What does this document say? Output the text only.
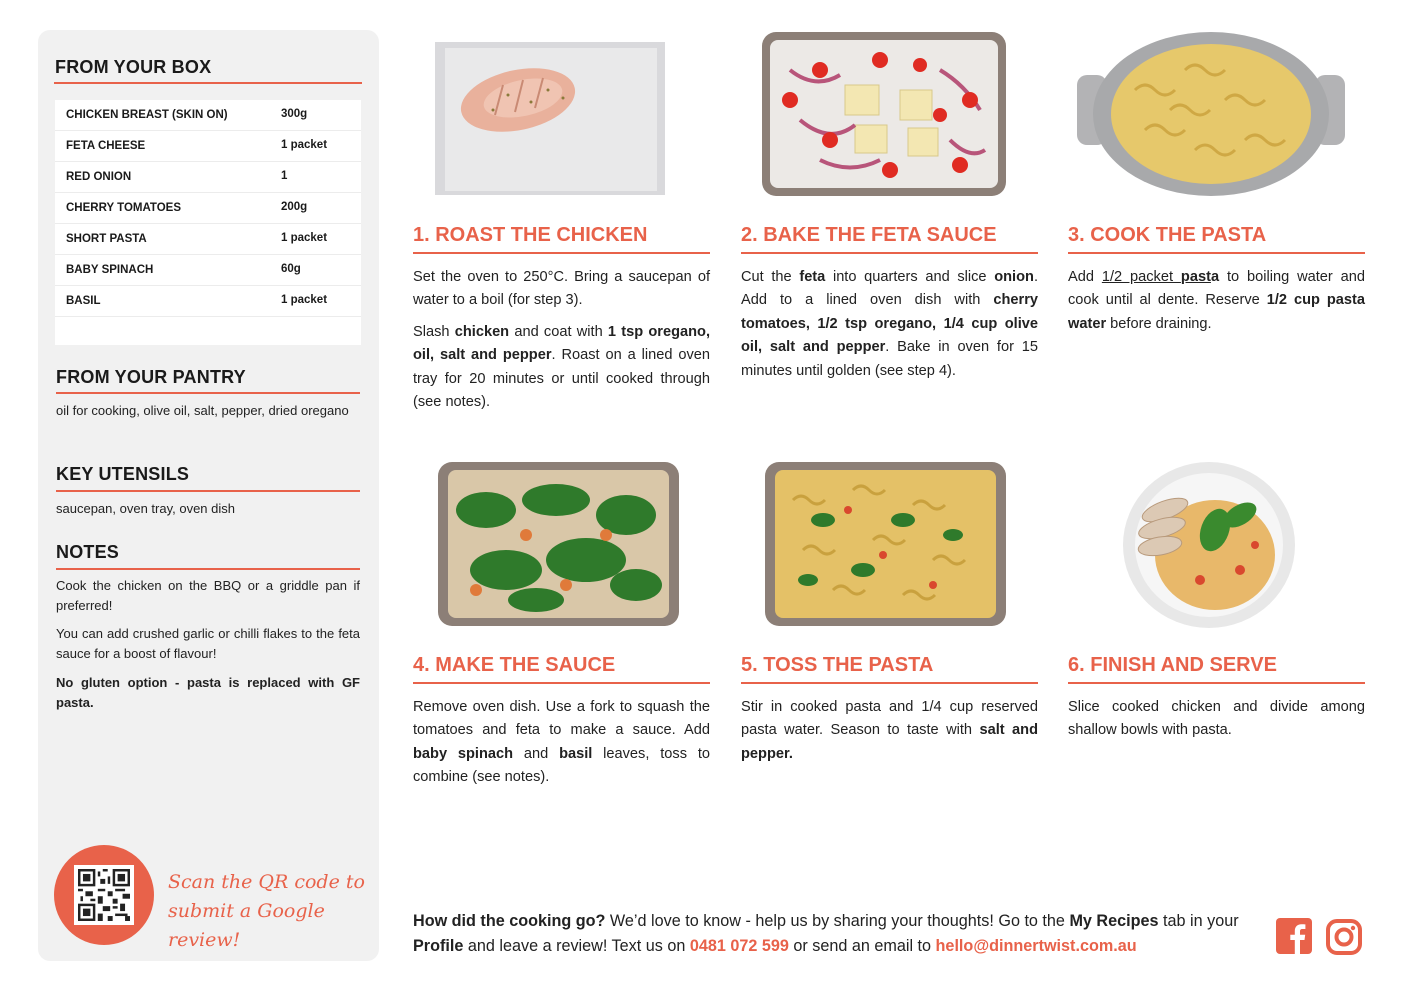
FROM YOUR BOX
CHICKEN BREAST (SKIN ON)	300g
FETA CHEESE	1 packet
RED ONION	1
CHERRY TOMATOES	200g
SHORT PASTA	1 packet
BABY SPINACH	60g
BASIL	1 packet
FROM YOUR PANTRY
oil for cooking, olive oil, salt, pepper, dried oregano
KEY UTENSILS
saucepan, oven tray, oven dish
NOTES
Cook the chicken on the BBQ or a griddle pan if preferred!
You can add crushed garlic or chilli flakes to the feta sauce for a boost of flavour!
No gluten option - pasta is replaced with GF pasta.
Scan the QR code to
submit a Google review!
1. ROAST THE CHICKEN

Set the oven to 250°C. Bring a saucepan of water to a boil (for step 3).

Slash chicken and coat with 1 tsp oregano, oil, salt and pepper. Roast on a lined oven tray for 20 minutes or until cooked through (see notes).

2. BAKE THE FETA SAUCE

Cut the feta into quarters and slice onion. Add to a lined oven dish with cherry tomatoes, 1/2 tsp oregano, 1/4 cup olive oil, salt and pepper. Bake in oven for 15 minutes until golden (see step 4).

3. COOK THE PASTA

Add 1/2 packet pasta to boiling water and cook until al dente. Reserve 1/2 cup pasta water before draining.

4. MAKE THE SAUCE

Remove oven dish. Use a fork to squash the tomatoes and feta to make a sauce. Add baby spinach and basil leaves, toss to combine (see notes).

5. TOSS THE PASTA

Stir in cooked pasta and 1/4 cup reserved pasta water. Season to taste with salt and pepper.

6. FINISH AND SERVE

Slice cooked chicken and divide among shallow bowls with pasta.

How did the cooking go? We’d love to know - help us by sharing your thoughts! Go to the My Recipes tab in your Profile and leave a review! Text us on 0481 072 599 or send an email to hello@dinnertwist.com.au
